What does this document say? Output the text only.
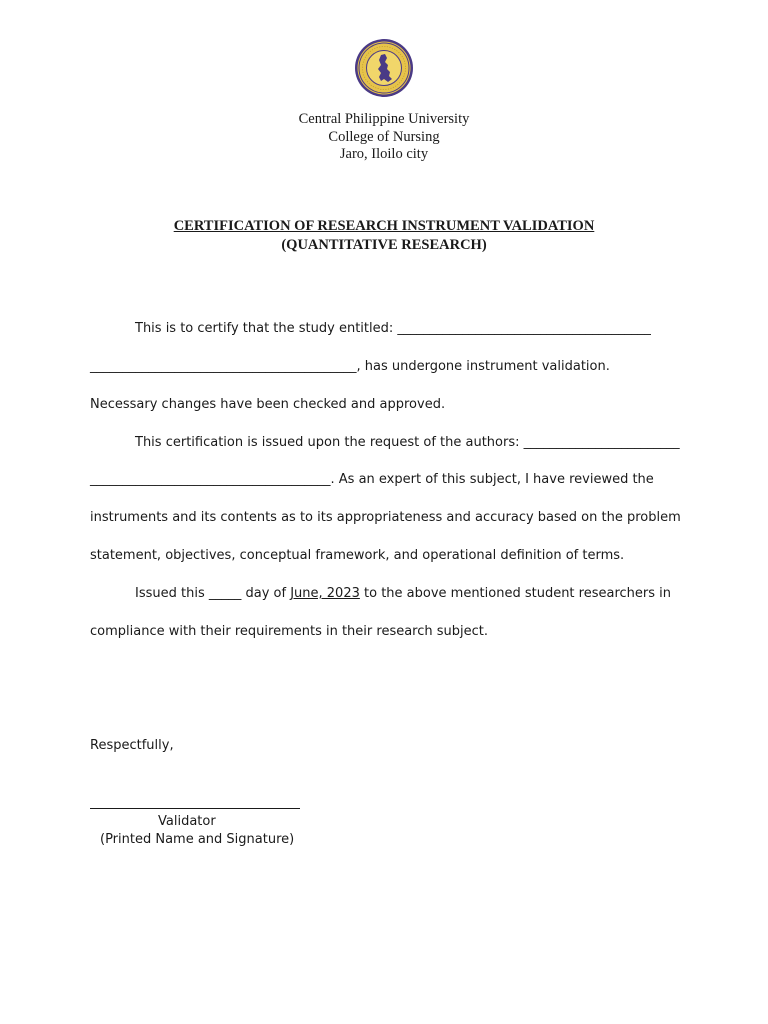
Central Philippine University
College of Nursing
Jaro, Iloilo city
CERTIFICATION OF RESEARCH INSTRUMENT VALIDATION
(QUANTITATIVE RESEARCH)
This is to certify that the study entitled: _______________________________________
_________________________________________, has undergone instrument validation.
Necessary changes have been checked and approved.
This certification is issued upon the request of the authors: ________________________
_____________________________________. As an expert of this subject, I have reviewed the
instruments and its contents as to its appropriateness and accuracy based on the problem
statement, objectives, conceptual framework, and operational definition of terms.
Issued this _____ day of June, 2023 to the above mentioned student researchers in
compliance with their requirements in their research subject.
Respectfully,
Validator
(Printed Name and Signature)
